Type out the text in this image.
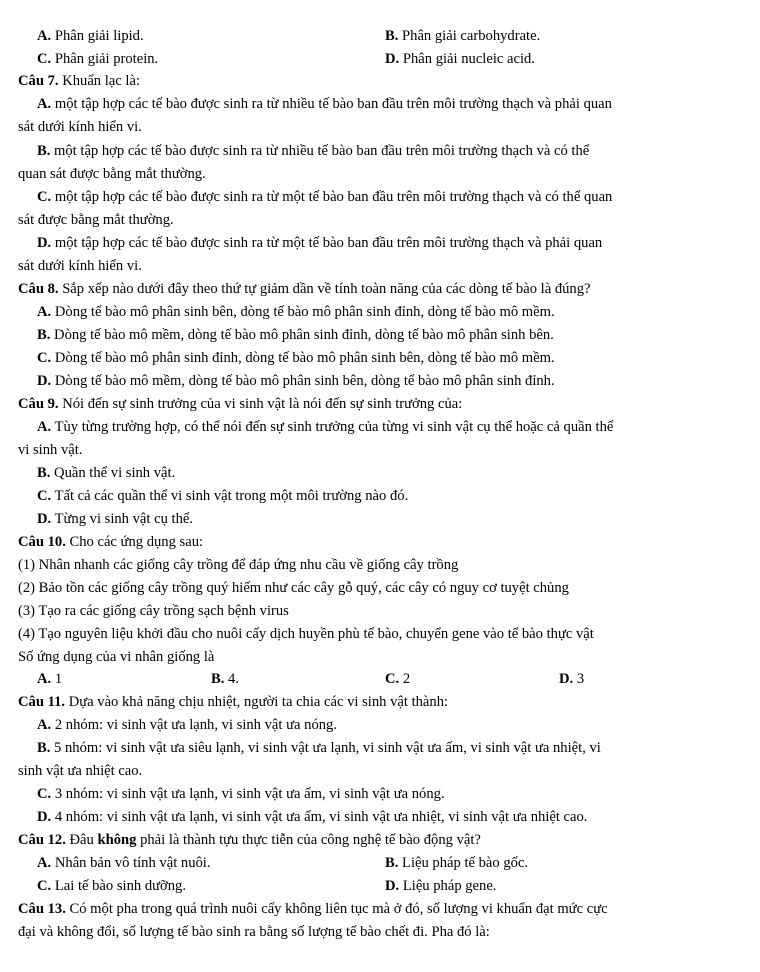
A. Phân giải lipid.	B. Phân giải carbohydrate.
C. Phân giải protein.	D. Phân giải nucleic acid.
Câu 7. Khuẩn lạc là:
A. một tập hợp các tế bào được sinh ra từ nhiều tế bào ban đầu trên môi trường thạch và phải quan
sát dưới kính hiển vi.
B. một tập hợp các tế bào được sinh ra từ nhiều tế bào ban đầu trên môi trường thạch và có thể
quan sát được bằng mắt thường.
C. một tập hợp các tế bào được sinh ra từ một tế bào ban đầu trên môi trường thạch và có thể quan
sát được bằng mắt thường.
D. một tập hợp các tế bào được sinh ra từ một tế bào ban đầu trên môi trường thạch và phải quan
sát dưới kính hiển vi.
Câu 8. Sắp xếp nào dưới đây theo thứ tự giảm dần về tính toàn năng của các dòng tế bào là đúng?
A. Dòng tế bào mô phân sinh bên, dòng tế bào mô phân sinh đỉnh, dòng tế bào mô mềm.
B. Dòng tế bào mô mềm, dòng tế bào mô phân sinh đỉnh, dòng tế bào mô phân sinh bên.
C. Dòng tế bào mô phân sinh đỉnh, dòng tế bào mô phân sinh bên, dòng tế bào mô mềm.
D. Dòng tế bào mô mềm, dòng tế bào mô phân sinh bên, dòng tế bào mô phân sinh đỉnh.
Câu 9. Nói đến sự sinh trưởng của vi sinh vật là nói đến sự sinh trưởng của:
A. Tùy từng trường hợp, có thể nói đến sự sinh trưởng của từng vi sinh vật cụ thể hoặc cả quần thể
vi sinh vật.
B. Quần thể vi sinh vật.
C. Tất cả các quần thể vi sinh vật trong một môi trường nào đó.
D. Từng vi sinh vật cụ thể.
Câu 10. Cho các ứng dụng sau:
(1) Nhân nhanh các giống cây trồng để đáp ứng nhu cầu về giống cây trồng
(2) Bảo tồn các giống cây trồng quý hiếm như các cây gỗ quý, các cây có nguy cơ tuyệt chủng
(3) Tạo ra các giống cây trồng sạch bệnh virus
(4) Tạo nguyên liệu khởi đầu cho nuôi cấy dịch huyền phù tế bào, chuyển gene vào tế bào thực vật
Số ứng dụng của vi nhân giống là
A. 1	B. 4.	C. 2	D. 3
Câu 11. Dựa vào khả năng chịu nhiệt, người ta chia các vi sinh vật thành:
A. 2 nhóm: vi sinh vật ưa lạnh, vi sinh vật ưa nóng.
B. 5 nhóm: vi sinh vật ưa siêu lạnh, vi sinh vật ưa lạnh, vi sinh vật ưa ấm, vi sinh vật ưa nhiệt, vi
sinh vật ưa nhiệt cao.
C. 3 nhóm: vi sinh vật ưa lạnh, vi sinh vật ưa ấm, vi sinh vật ưa nóng.
D. 4 nhóm: vi sinh vật ưa lạnh, vi sinh vật ưa ấm, vi sinh vật ưa nhiệt, vi sinh vật ưa nhiệt cao.
Câu 12. Đâu không phải là thành tựu thực tiễn của công nghệ tế bào động vật?
A. Nhân bản vô tính vật nuôi.	B. Liệu pháp tế bào gốc.
C. Lai tế bào sinh dưỡng.	D. Liệu pháp gene.
Câu 13. Có một pha trong quá trình nuôi cấy không liên tục mà ở đó, số lượng vi khuẩn đạt mức cực
đại và không đổi, số lượng tế bào sinh ra bằng số lượng tế bào chết đi. Pha đó là:
